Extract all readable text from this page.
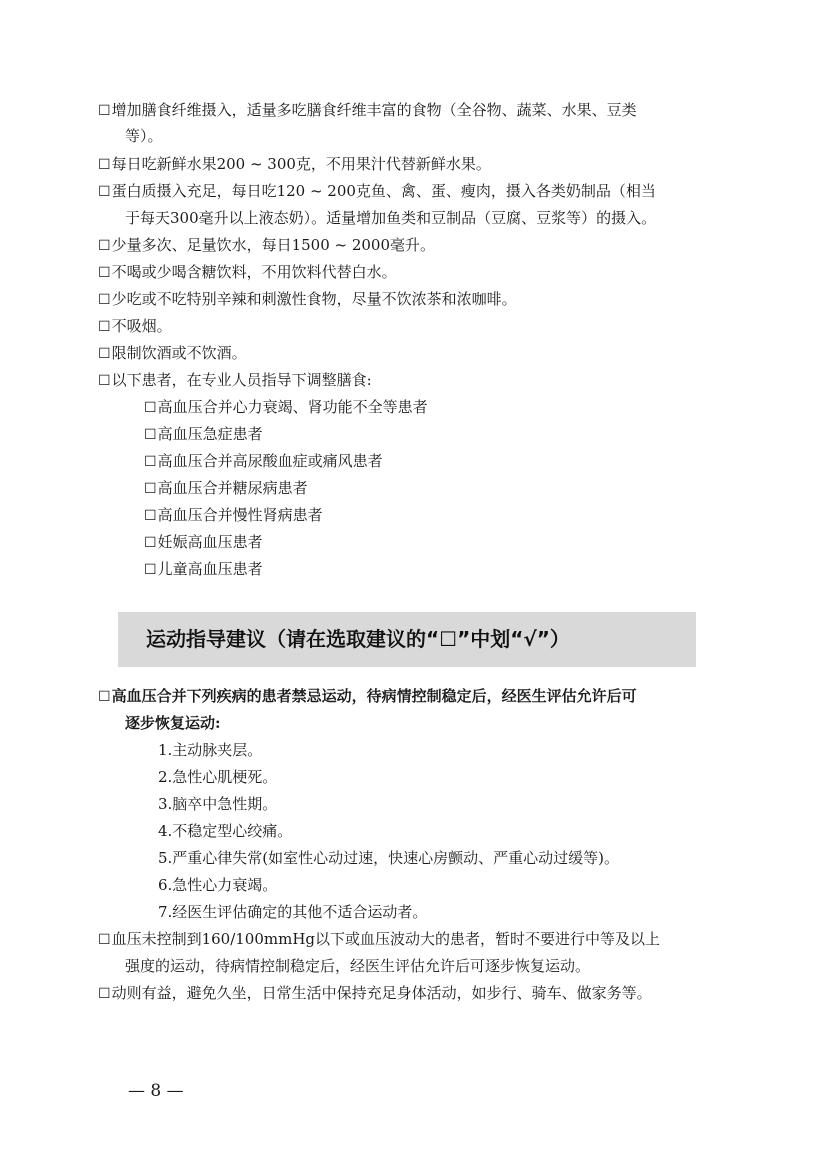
☐增加膳食纤维摄入，适量多吃膳食纤维丰富的食物（全谷物、蔬菜、水果、豆类
等）。
☐每日吃新鲜水果200 ~ 300克，不用果汁代替新鲜水果。
☐蛋白质摄入充足，每日吃120 ~ 200克鱼、禽、蛋、瘦肉，摄入各类奶制品（相当
于每天300毫升以上液态奶）。适量增加鱼类和豆制品（豆腐、豆浆等）的摄入。
☐少量多次、足量饮水，每日1500 ~ 2000毫升。
☐不喝或少喝含糖饮料，不用饮料代替白水。
☐少吃或不吃特别辛辣和刺激性食物，尽量不饮浓茶和浓咖啡。
☐不吸烟。
☐限制饮酒或不饮酒。
☐以下患者，在专业人员指导下调整膳食:
☐高血压合并心力衰竭、肾功能不全等患者
☐高血压急症患者
☐高血压合并高尿酸血症或痛风患者
☐高血压合并糖尿病患者
☐高血压合并慢性肾病患者
☐妊娠高血压患者
☐儿童高血压患者
运动指导建议（请在选取建议的“☐”中划“√”）
☐高血压合并下列疾病的患者禁忌运动，待病情控制稳定后，经医生评估允许后可
逐步恢复运动:
1.主动脉夹层。
2.急性心肌梗死。
3.脑卒中急性期。
4.不稳定型心绞痛。
5.严重心律失常(如室性心动过速，快速心房颤动、严重心动过缓等)。
6.急性心力衰竭。
7.经医生评估确定的其他不适合运动者。
☐血压未控制到160/100mmHg以下或血压波动大的患者，暂时不要进行中等及以上
强度的运动，待病情控制稳定后，经医生评估允许后可逐步恢复运动。
☐动则有益，避免久坐，日常生活中保持充足身体活动，如步行、骑车、做家务等。
— 8 —
